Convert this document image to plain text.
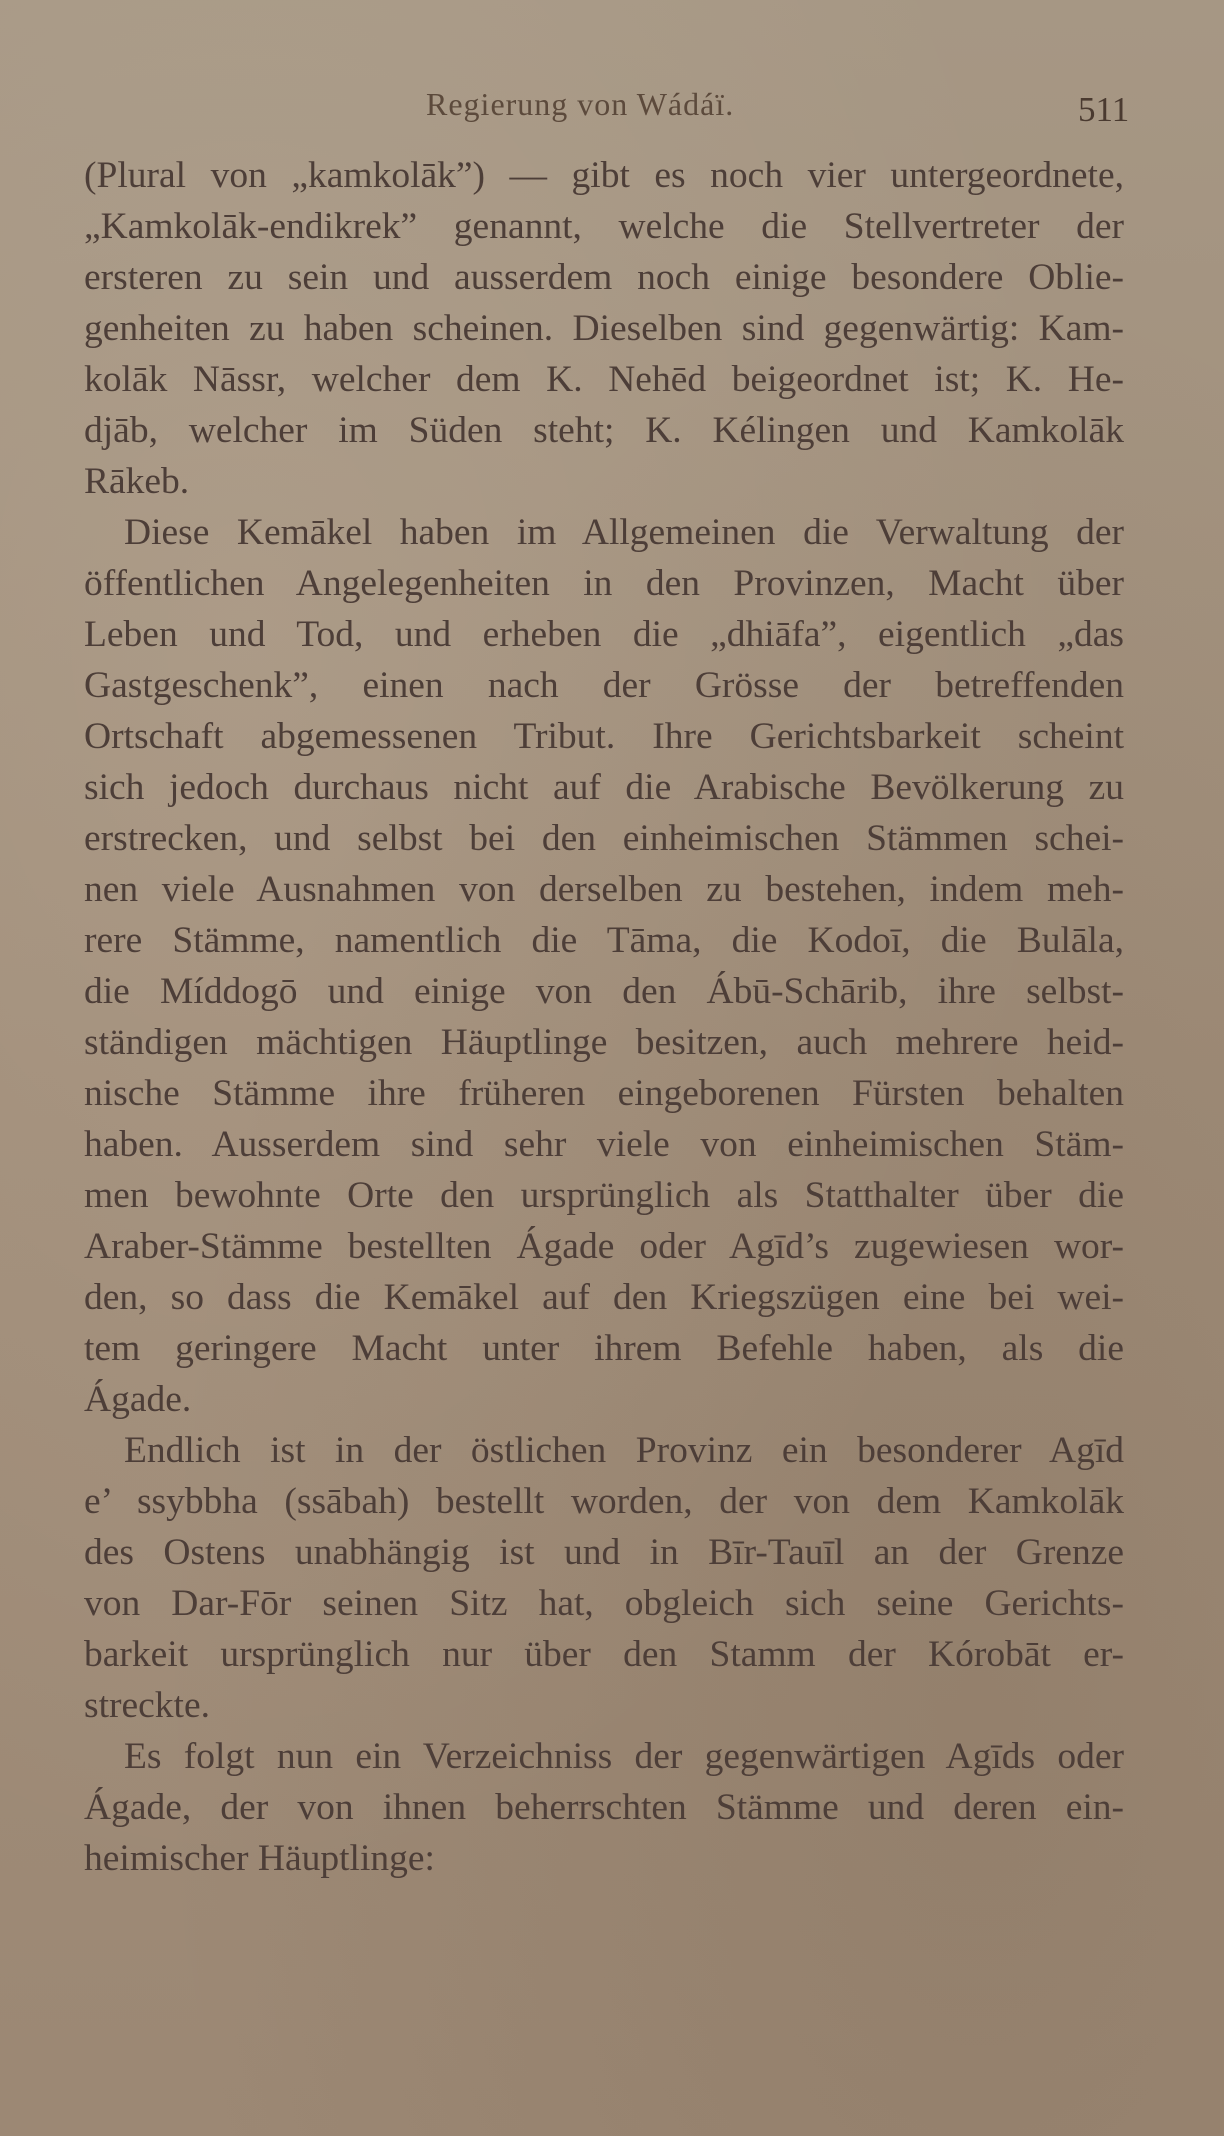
Regierung von Wádáï.	511
(Plural von „kamkolāk”) — gibt es noch vier untergeordnete,
„Kamkolāk-endikrek” genannt, welche die Stellvertreter der
ersteren zu sein und ausserdem noch einige besondere Oblie-
genheiten zu haben scheinen. Dieselben sind gegenwärtig: Kam-
kolāk Nāssr, welcher dem K. Nehēd beigeordnet ist; K. He-
djāb, welcher im Süden steht; K. Kélingen und Kamkolāk
Rākeb.
Diese Kemākel haben im Allgemeinen die Verwaltung der
öffentlichen Angelegenheiten in den Provinzen, Macht über
Leben und Tod, und erheben die „dhiāfa”, eigentlich „das
Gastgeschenk”, einen nach der Grösse der betreffenden
Ortschaft abgemessenen Tribut. Ihre Gerichtsbarkeit scheint
sich jedoch durchaus nicht auf die Arabische Bevölkerung zu
erstrecken, und selbst bei den einheimischen Stämmen schei-
nen viele Ausnahmen von derselben zu bestehen, indem meh-
rere Stämme, namentlich die Tāma, die Kodoī, die Bulāla,
die Míddogō und einige von den Ábū-Schārib, ihre selbst-
ständigen mächtigen Häuptlinge besitzen, auch mehrere heid-
nische Stämme ihre früheren eingeborenen Fürsten behalten
haben. Ausserdem sind sehr viele von einheimischen Stäm-
men bewohnte Orte den ursprünglich als Statthalter über die
Araber-Stämme bestellten Ágade oder Agīd’s zugewiesen wor-
den, so dass die Kemākel auf den Kriegszügen eine bei wei-
tem geringere Macht unter ihrem Befehle haben, als die
Ágade.
Endlich ist in der östlichen Provinz ein besonderer Agīd
e’ ssybbha (ssābah) bestellt worden, der von dem Kamkolāk
des Ostens unabhängig ist und in Bīr-Tauīl an der Grenze
von Dar-Fōr seinen Sitz hat, obgleich sich seine Gerichts-
barkeit ursprünglich nur über den Stamm der Kórobāt er-
streckte.
Es folgt nun ein Verzeichniss der gegenwärtigen Agīds oder
Ágade, der von ihnen beherrschten Stämme und deren ein-
heimischer Häuptlinge:
